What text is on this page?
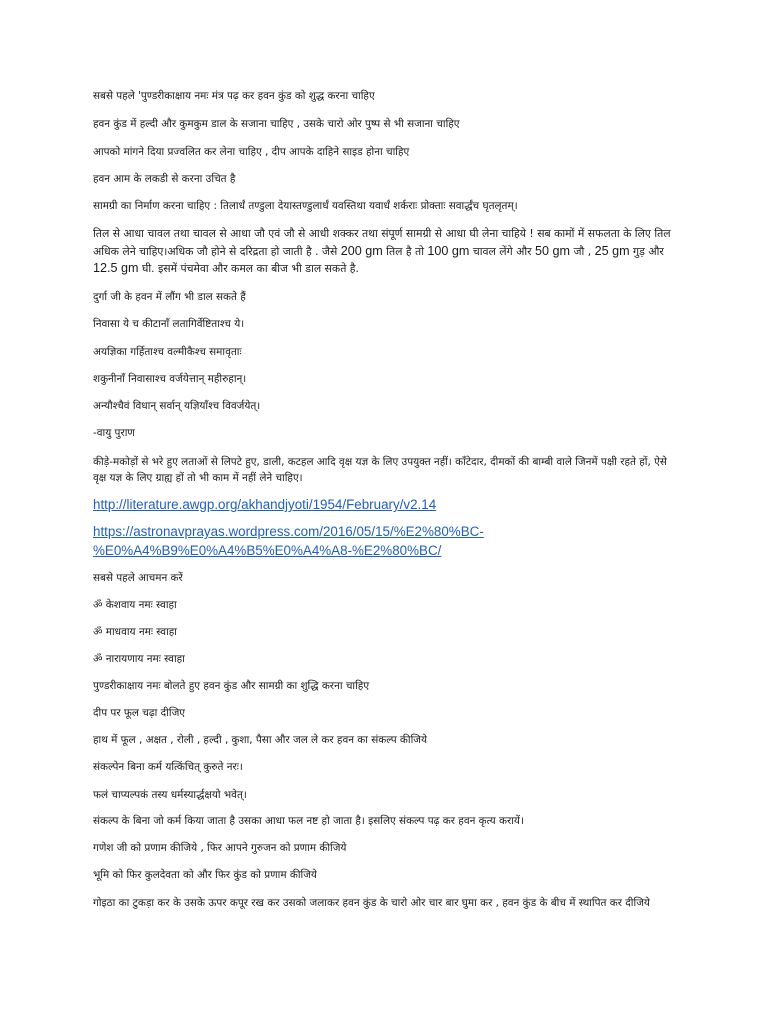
सबसे पहले 'पुण्डरीकाक्षाय नमः मंत्र पढ़ कर हवन कुंड को शुद्ध करना चाहिए
हवन कुंड में हल्दी और कुमकुम डाल के सजाना चाहिए , उसके चारो ओर पुष्प से भी सजाना चाहिए
आपको मांगने दिया प्रज्वलित कर लेना चाहिए , दीप आपके दाहिने साइड होना चाहिए
हवन आम के लकडी से करना उचित है
सामग्री का निर्माण करना चाहिए : तिलार्धं तण्डुला देयास्तण्डुलार्धं यवस्तिथा यवार्धं शर्कराः प्रोक्ताः सवार्द्धंच घृतलृतम्।
तिल से आधा चावल तथा चावल से आधा जौ एवं जौ से आधी शक्कर तथा संपूर्ण सामग्री से आधा घी लेना चाहिये ! सब कामों में सफलता के लिए तिल अधिक लेने चाहिए।अधिक जौ होने से दरिद्रता हो जाती है . जैसे 200 gm तिल है तो 100 gm चावल लेंगे और 50 gm जौ , 25 gm गुड़ और 12.5 gm घी. इसमें पंचमेवा और कमल का बीज भी डाल सकते है.
दुर्गा जी के हवन में लौंग भी डाल सकते हैं
निवासा ये च कीटानाँ लतागिर्वेष्टिताश्च ये।
अयज्ञिका गर्हिताश्च वल्मीकैश्च समावृताः
शकुनीनाँ निवासाश्च वर्जयेत्तान् महीरुहान्।
अन्यौश्चैवं विधान् सर्वान् यज्ञियाँश्च विवर्जयेत्।
-वायु पुराण
कीड़े-मकोड़ों से भरे हुए लताओं से लिपटे हुए, डाली, कटहल आदि वृक्ष यज्ञ के लिए उपयुक्त नहीं। काँटेदार, दीमकों की बाम्बी वाले जिनमें पक्षी रहते हों, ऐसे वृक्ष यज्ञ के लिए ग्राह्य हों तो भी काम में नहीं लेने चाहिए।
http://literature.awgp.org/akhandjyoti/1954/February/v2.14
https://astronavprayas.wordpress.com/2016/05/15/%E2%80%BC-
%E0%A4%B9%E0%A4%B5%E0%A4%A8-%E2%80%BC/
सबसे पहले आचमन करें
ॐ केशवाय नमः स्वाहा
ॐ माधवाय नमः स्वाहा
ॐ नारायणाय नमः स्वाहा
पुण्डरीकाक्षाय नमः बोलते हुए हवन कुंड और सामग्री का शुद्धि करना चाहिए
दीप पर फूल चढ़ा दीजिए
हाथ में फूल , अक्षत , रोली , हल्दी , कुशा, पैसा और जल ले कर हवन का संकल्प कीजिये
संकल्पेन बिना कर्म यत्किंचित् कुरुते नरः।
फलं चाप्यल्पकं तस्य धर्मस्यार्द्धक्षयो भवेत्।
संकल्प के बिना जो कर्म किया जाता है उसका आधा फल नष्ट हो जाता है। इसलिए संकल्प पढ़ कर हवन कृत्य करायें।
गणेश जी को प्रणाम कीजिये , फिर आपने गुरुजन को प्रणाम कीजिये
भूमि को फिर कुलदेवता को और फिर कुंड को प्रणाम कीजिये
गोइठा का टुकड़ा कर के उसके ऊपर कपूर रख कर उसको जलाकर हवन कुंड के चारो ओर चार बार घुमा कर , हवन कुंड के बीच में स्थापित कर दीजिये
